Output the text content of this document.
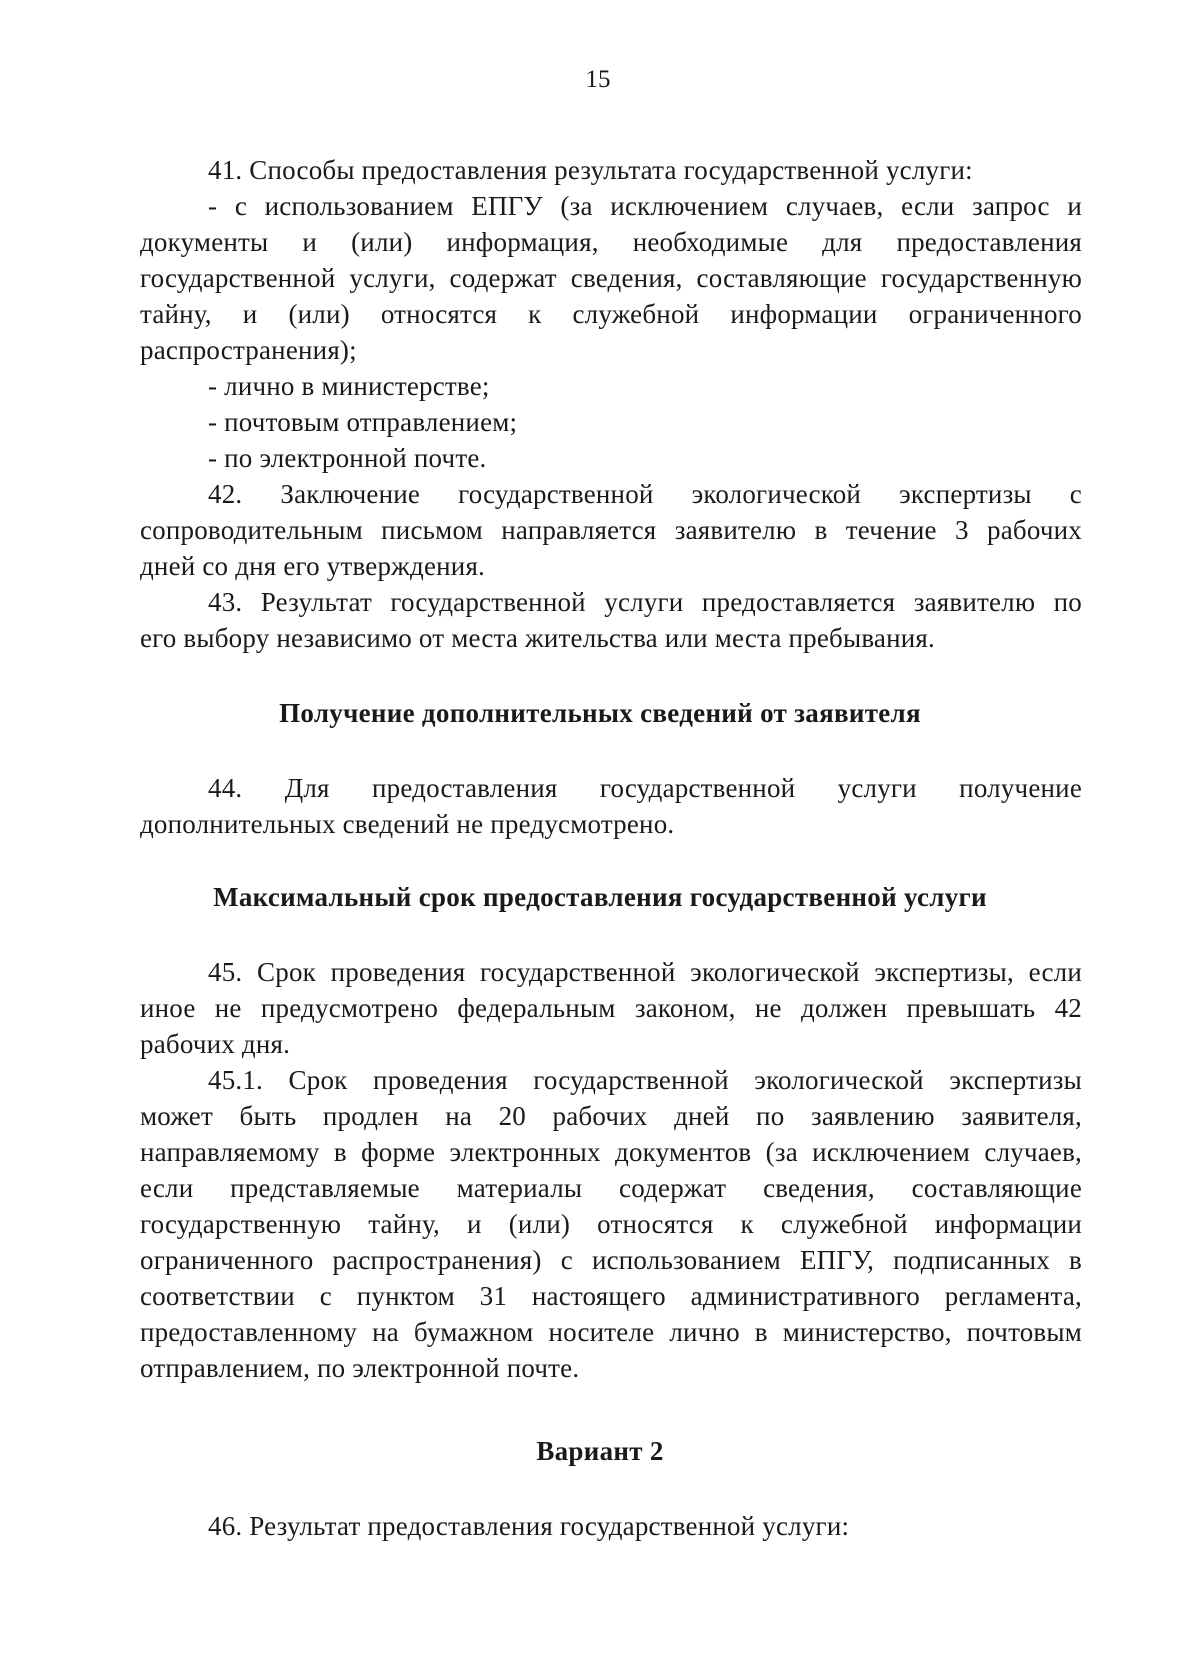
15
41. Способы предоставления результата государственной услуги:
- с использованием ЕПГУ (за исключением случаев, если запрос и
документы и (или) информация, необходимые для предоставления
государственной услуги, содержат сведения, составляющие государственную
тайну, и (или) относятся к служебной информации ограниченного
распространения);
- лично в министерстве;
- почтовым отправлением;
- по электронной почте.
42. Заключение государственной экологической экспертизы с
сопроводительным письмом направляется заявителю в течение 3 рабочих
дней со дня его утверждения.
43. Результат государственной услуги предоставляется заявителю по
его выбору независимо от места жительства или места пребывания.
Получение дополнительных сведений от заявителя
44. Для предоставления государственной услуги получение
дополнительных сведений не предусмотрено.
Максимальный срок предоставления государственной услуги
45. Срок проведения государственной экологической экспертизы, если
иное не предусмотрено федеральным законом, не должен превышать 42
рабочих дня.
45.1. Срок проведения государственной экологической экспертизы
может быть продлен на 20 рабочих дней по заявлению заявителя,
направляемому в форме электронных документов (за исключением случаев,
если представляемые материалы содержат сведения, составляющие
государственную тайну, и (или) относятся к служебной информации
ограниченного распространения) с использованием ЕПГУ, подписанных в
соответствии с пунктом 31 настоящего административного регламента,
предоставленному на бумажном носителе лично в министерство, почтовым
отправлением, по электронной почте.
Вариант 2
46. Результат предоставления государственной услуги:
